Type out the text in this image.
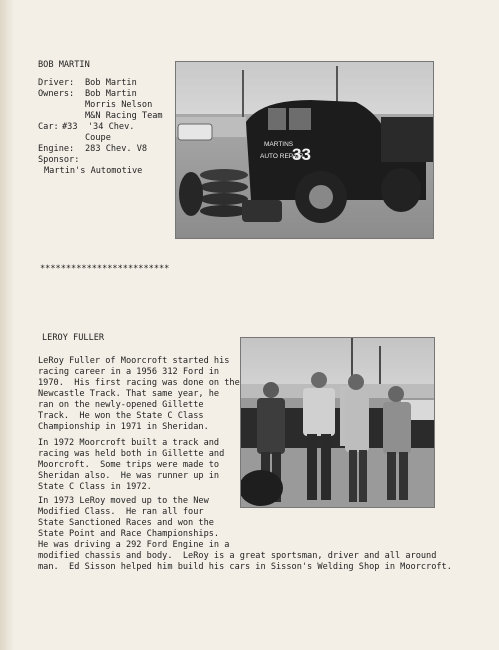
BOB MARTIN
Driver: Bob Martin
Owners: Bob Martin
Morris Nelson
M&N Racing Team
Car: #33  '34 Chev.
Coupe
Engine: 283 Chev. V8
Sponsor:
Martin's Automotive
MARTINS
AUTO REPAIR
33
*************************
LEROY FULLER
LeRoy Fuller of Moorcroft started his
racing career in a 1956 312 Ford in
1970.  His first racing was done on the
Newcastle Track. That same year, he
ran on the newly-opened Gillette
Track.  He won the State C Class
Championship in 1971 in Sheridan.
In 1972 Moorcroft built a track and
racing was held both in Gillette and
Moorcroft.  Some trips were made to
Sheridan also.  He was runner up in
State C Class in 1972.
In 1973 LeRoy moved up to the New
Modified Class.  He ran all four
State Sanctioned Races and won the
State Point and Race Championships.
He was driving a 292 Ford Engine in a
modified chassis and body.  LeRoy is a great sportsman, driver and all around
man.  Ed Sisson helped him build his cars in Sisson's Welding Shop in Moorcroft.
